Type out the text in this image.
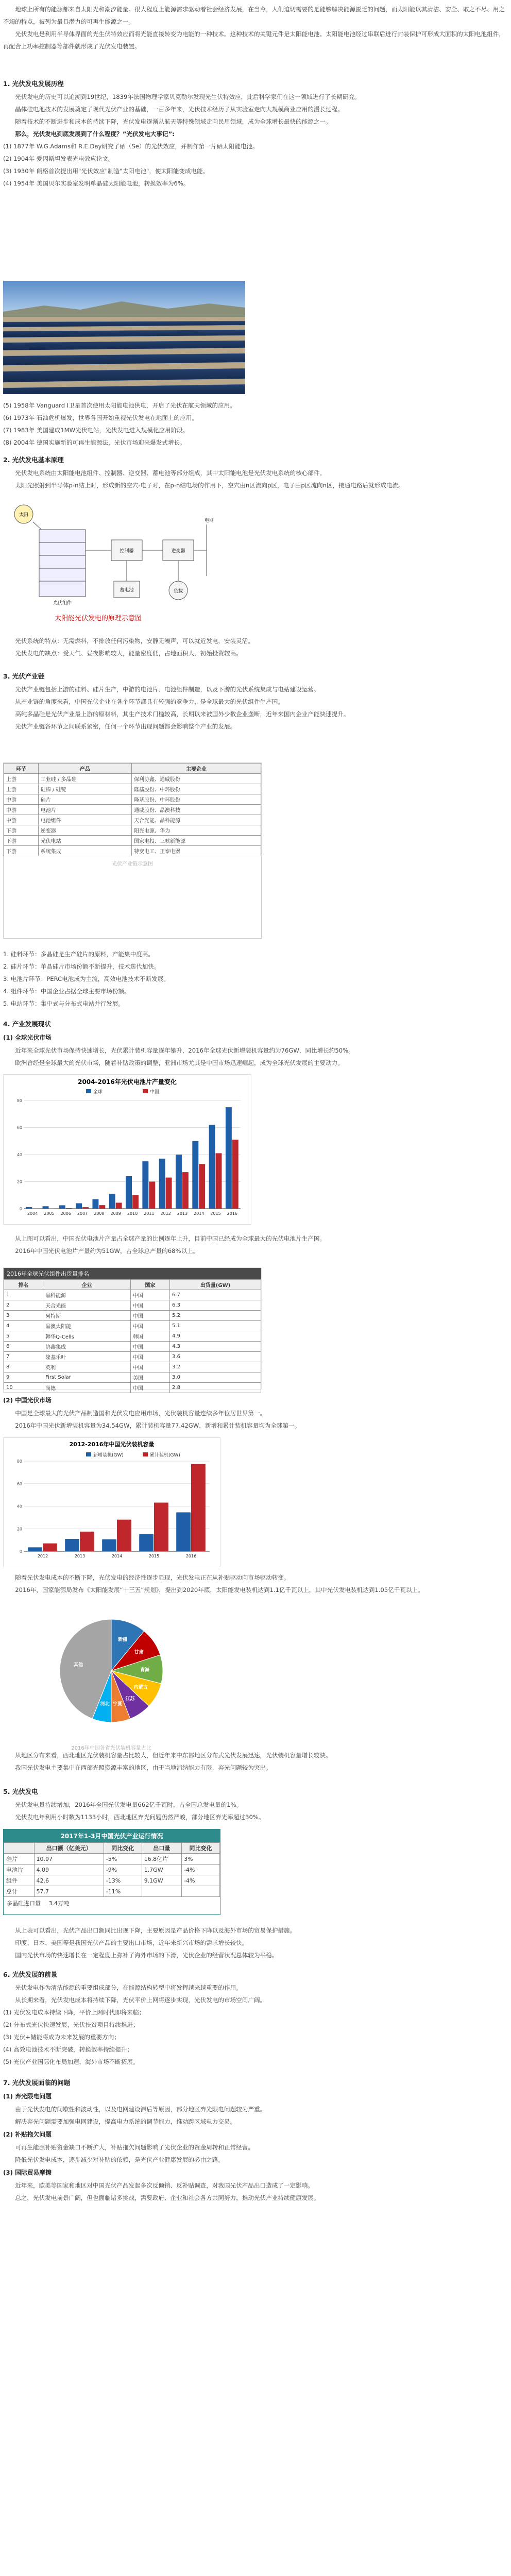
地球上所有的能源都来自太阳光和潮汐能量。很大程度上能源需求驱动着社会经济发展，在当今，人们迫切需要的是能够解决能源匮乏的问题，而太阳能以其清洁、安全、取之不尽、用之不竭的特点，被列为最具潜力的可再生能源之一。

光伏发电是利用半导体界面的光生伏特效应而将光能直接转变为电能的一种技术。这种技术的关键元件是太阳能电池。太阳能电池经过串联后进行封装保护可形成大面积的太阳电池组件，再配合上功率控制器等部件就形成了光伏发电装置。

1. 光伏发电发展历程

光伏发电的历史可以追溯到19世纪，1839年法国物理学家贝克勒尔发现光生伏特效应，此后科学家们在这一领域进行了长期研究。

晶体硅电池技术的发展奠定了现代光伏产业的基础，一百多年来，光伏技术经历了从实验室走向大规模商业应用的漫长过程。

随着技术的不断进步和成本的持续下降，光伏发电逐渐从航天等特殊领域走向民用领域，成为全球增长最快的能源之一。

那么，光伏发电到底发展到了什么程度？”光伏发电大事记”:

(1) 1877年 W.G.Adams和 R.E.Day研究了硒（Se）的光伏效应，并制作第一片硒太阳能电池。

(2) 1904年 爱因斯坦发表光电效应论文。

(3) 1930年 朗格首次提出用"光伏效应"制造"太阳电池"，使太阳能变成电能。

(4) 1954年 美国贝尔实验室发明单晶硅太阳能电池，转换效率为6%。

(5) 1958年 Vanguard I卫星首次使用太阳能电池供电，开启了光伏在航天领域的应用。

(6) 1973年 石油危机爆发，世界各国开始重视光伏发电在地面上的应用。

(7) 1983年 美国建成1MW光伏电站，光伏发电进入规模化应用阶段。

(8) 2004年 德国实施新的可再生能源法，光伏市场迎来爆发式增长。

2. 光伏发电基本原理

光伏发电系统由太阳能电池组件、控制器、逆变器、蓄电池等部分组成，其中太阳能电池是光伏发电系统的核心部件。

太阳光照射到半导体p-n结上时，形成新的空穴-电子对，在p-n结电场的作用下，空穴由n区流向p区，电子由p区流向n区，接通电路后就形成电流。

太阳
光伏组件
控制器
蓄电池
逆变器
负载
电网
太阳能光伏发电的原理示意图

光伏系统的特点：无需燃料，不排放任何污染物，安静无噪声，可以就近发电，安装灵活。

光伏发电的缺点：受天气、昼夜影响较大，能量密度低，占地面积大，初始投资较高。

3. 光伏产业链

光伏产业链包括上游的硅料、硅片生产，中游的电池片、电池组件制造，以及下游的光伏系统集成与电站建设运营。

从产业链的角度来看，中国光伏企业在各个环节都具有较强的竞争力，是全球最大的光伏组件生产国。

高纯多晶硅是光伏产业最上游的原材料，其生产技术门槛较高，长期以来被国外少数企业垄断，近年来国内企业产能快速提升。

光伏产业链各环节之间联系紧密，任何一个环节出现问题都会影响整个产业的发展。

环节	产品	主要企业
上游	工业硅 / 多晶硅	保利协鑫、通威股份
上游	硅棒 / 硅锭	隆基股份、中环股份
中游	硅片	隆基股份、中环股份
中游	电池片	通威股份、晶澳科技
中游	电池组件	天合光能、晶科能源
下游	逆变器	阳光电源、华为
下游	光伏电站	国家电投、三峡新能源
下游	系统集成	特变电工、正泰电器
光伏产业链示意图

1. 硅料环节：多晶硅是生产硅片的原料，产能集中度高。

2. 硅片环节：单晶硅片市场份额不断提升，技术迭代加快。

3. 电池片环节：PERC电池成为主流，高效电池技术不断发展。

4. 组件环节：中国企业占据全球主要市场份额。

5. 电站环节：集中式与分布式电站并行发展。

4. 产业发展现状

(1) 全球光伏市场

近年来全球光伏市场保持快速增长，光伏累计装机容量逐年攀升，2016年全球光伏新增装机容量约为76GW，同比增长约50%。

欧洲曾经是全球最大的光伏市场，随着补贴政策的调整，亚洲市场尤其是中国市场迅速崛起，成为全球光伏发展的主要动力。

2004-2016年光伏电池片产量变化
全球	中国
0
20
40
60
80
2004 2005 2006 2007 2008 2009 2010 2011 2012 2013 2014 2015 2016

从上图可以看出，中国光伏电池片产量占全球产量的比例逐年上升，目前中国已经成为全球最大的光伏电池片生产国。

2016年中国光伏电池片产量约为51GW，占全球总产量的68%以上。

2016年全球光伏组件出货量排名
排名	企业	国家	出货量(GW)
1	晶科能源	中国	6.7
2	天合光能	中国	6.3
3	阿特斯	中国	5.2
4	晶澳太阳能	中国	5.1
5	韩华Q-Cells	韩国	4.9
6	协鑫集成	中国	4.3
7	隆基乐叶	中国	3.6
8	英利	中国	3.2
9	First Solar	美国	3.0
10	尚德	中国	2.8

(2) 中国光伏市场

中国是全球最大的光伏产品制造国和光伏发电应用市场，光伏装机容量连续多年位居世界第一。

2016年中国光伏新增装机容量为34.54GW，累计装机容量77.42GW，新增和累计装机容量均为全球第一。

2012-2016年中国光伏装机容量
新增装机(GW)	累计装机(GW)
0
20
40
60
80
2012	2013	2014	2015	2016

随着光伏发电成本的不断下降，光伏发电的经济性逐步显现，光伏发电正在从补贴驱动向市场驱动转变。

2016年，国家能源局发布《太阳能发展“十三五”规划》，提出到2020年底，太阳能发电装机达到1.1亿千瓦以上，其中光伏发电装机达到1.05亿千瓦以上。

新疆
甘肃
青海
内蒙古
江苏
宁夏
河北
其他
2016年中国各省光伏装机容量占比

从地区分布来看，西北地区光伏装机容量占比较大，但近年来中东部地区分布式光伏发展迅速，光伏装机容量增长较快。

我国光伏发电主要集中在西部光照资源丰富的地区，由于当地消纳能力有限，弃光问题较为突出。

5. 光伏发电

光伏发电量持续增加，2016年全国光伏发电量662亿千瓦时，占全国总发电量的1%。

光伏发电年利用小时数为1133小时，西北地区弃光问题仍然严峻，部分地区弃光率超过30%。

2017年1-3月中国光伏产业运行情况
	出口额（亿美元）	同比变化	出口量	同比变化
硅片	10.97	-5%	16.8亿片	3%
电池片	4.09	-9%	1.7GW	-4%
组件	42.6	-13%	9.1GW	-4%
总计	57.7	-11%		
多晶硅进口量 3.4万吨

从上表可以看出，光伏产品出口额同比出现下降，主要原因是产品价格下降以及海外市场的贸易保护措施。

印度、日本、美国等是我国光伏产品的主要出口市场，近年来新兴市场的需求增长较快。

国内光伏市场的快速增长在一定程度上弥补了海外市场的下滑，光伏企业的经营状况总体较为平稳。

6. 光伏发展的前景

光伏发电作为清洁能源的重要组成部分，在能源结构转型中将发挥越来越重要的作用。

从长期来看，光伏发电成本将持续下降，光伏平价上网将逐步实现，光伏发电的市场空间广阔。

(1) 光伏发电成本持续下降，平价上网时代即将来临；

(2) 分布式光伏快速发展，光伏扶贫项目持续推进；

(3) 光伏+储能将成为未来发展的重要方向；

(4) 高效电池技术不断突破，转换效率持续提升；

(5) 光伏产业国际化布局加速，海外市场不断拓展。

7. 光伏发展面临的问题

(1) 弃光限电问题

由于光伏发电的间歇性和波动性，以及电网建设滞后等原因，部分地区弃光限电问题较为严重。

解决弃光问题需要加强电网建设，提高电力系统的调节能力，推动跨区域电力交易。

(2) 补贴拖欠问题

可再生能源补贴资金缺口不断扩大，补贴拖欠问题影响了光伏企业的资金周转和正常经营。

降低光伏发电成本，逐步减少对补贴的依赖，是光伏产业健康发展的必由之路。

(3) 国际贸易摩擦

近年来，欧美等国家和地区对中国光伏产品发起多次反倾销、反补贴调查，对我国光伏产品出口造成了一定影响。

总之，光伏发电前景广阔，但也面临诸多挑战，需要政府、企业和社会各方共同努力，推动光伏产业持续健康发展。
